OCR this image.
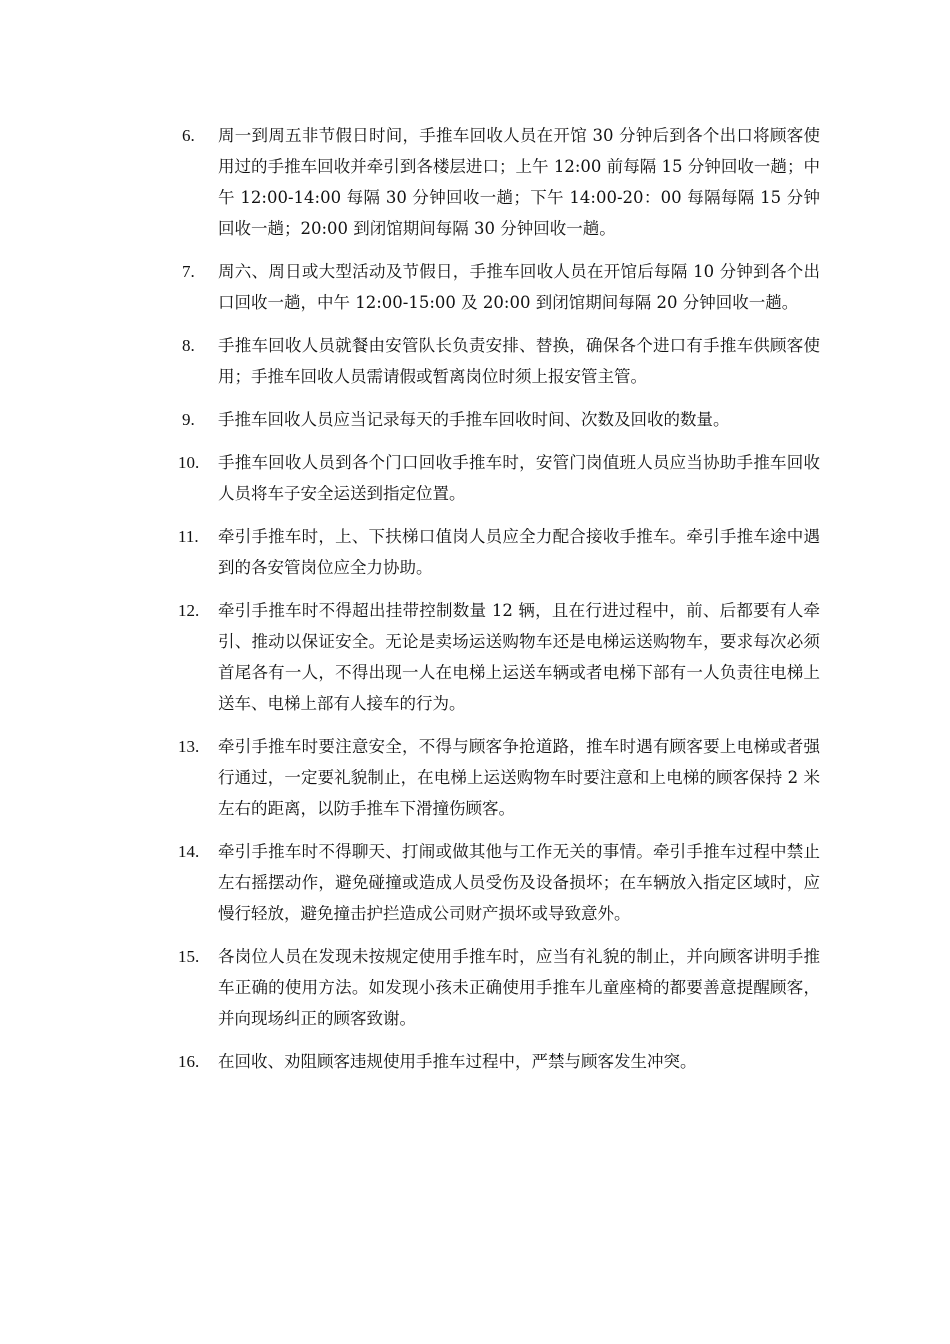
6. 周一到周五非节假日时间，手推车回收人员在开馆 30 分钟后到各个出口将顾客使用过的手推车回收并牵引到各楼层进口；上午 12:00 前每隔 15 分钟回收一趟；中午 12:00-14:00 每隔 30 分钟回收一趟；下午 14:00-20：00 每隔每隔 15 分钟回收一趟；20:00 到闭馆期间每隔 30 分钟回收一趟。
7. 周六、周日或大型活动及节假日，手推车回收人员在开馆后每隔 10 分钟到各个出口回收一趟，中午 12:00-15:00 及 20:00 到闭馆期间每隔 20 分钟回收一趟。
8. 手推车回收人员就餐由安管队长负责安排、替换，确保各个进口有手推车供顾客使用；手推车回收人员需请假或暂离岗位时须上报安管主管。
9. 手推车回收人员应当记录每天的手推车回收时间、次数及回收的数量。
10. 手推车回收人员到各个门口回收手推车时，安管门岗值班人员应当协助手推车回收人员将车子安全运送到指定位置。
11. 牵引手推车时，上、下扶梯口值岗人员应全力配合接收手推车。牵引手推车途中遇到的各安管岗位应全力协助。
12. 牵引手推车时不得超出挂带控制数量 12 辆，且在行进过程中，前、后都要有人牵引、推动以保证安全。无论是卖场运送购物车还是电梯运送购物车，要求每次必须首尾各有一人，不得出现一人在电梯上运送车辆或者电梯下部有一人负责往电梯上送车、电梯上部有人接车的行为。
13. 牵引手推车时要注意安全，不得与顾客争抢道路，推车时遇有顾客要上电梯或者强行通过，一定要礼貌制止，在电梯上运送购物车时要注意和上电梯的顾客保持 2 米左右的距离，以防手推车下滑撞伤顾客。
14. 牵引手推车时不得聊天、打闹或做其他与工作无关的事情。牵引手推车过程中禁止左右摇摆动作，避免碰撞或造成人员受伤及设备损坏；在车辆放入指定区域时，应慢行轻放，避免撞击护拦造成公司财产损坏或导致意外。
15. 各岗位人员在发现未按规定使用手推车时，应当有礼貌的制止，并向顾客讲明手推车正确的使用方法。如发现小孩未正确使用手推车儿童座椅的都要善意提醒顾客，并向现场纠正的顾客致谢。
16. 在回收、劝阻顾客违规使用手推车过程中，严禁与顾客发生冲突。
